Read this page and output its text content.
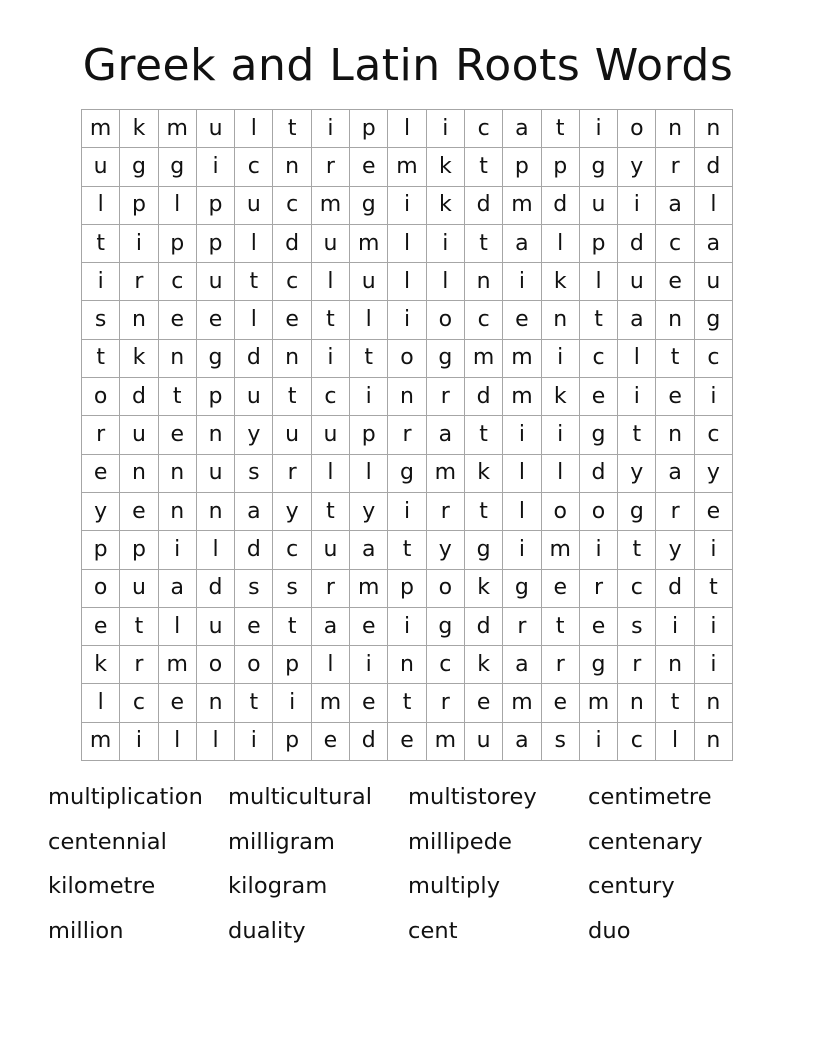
Greek and Latin Roots Words
m k m u	l	t	i	p	l	i	c	a	t	i	o	n	n
u	g	g	i	c	n	r	e m k	t	p	p	g	y	r	d
l	p	l	p	u	c m g	i	k	d m d	u	i	a	l
t	i	p	p	l	d	u m	l	i	t	a	l	p	d	c	a
i	r	c	u	t	c	l	u	l	l	n	i	k	l	u	e	u
s	n	e	e	l	e	t	l	i	o	c	e	n	t	a	n	g
t	k	n	g	d	n	i	t	o	g m m	i	c	l	t	c
o	d	t	p	u	t	c	i	n	r	d m k	e	i	e	i
r	u	e	n	y	u	u	p	r	a	t	i	i	g	t	n	c
e	n	n	u	s	r	l	l	g m k	l	l	d	y	a	y
y	e	n	n	a	y	t	y	i	r	t	l	o	o	g	r	e
p	p	i	l	d	c	u	a	t	y	g	i	m	i	t	y	i
o	u	a	d	s	s	r	m p	o	k	g	e	r	c	d	t
e	t	l	u	e	t	a	e	i	g	d	r	t	e	s	i	i
k	r	m o	o	p	l	i	n	c	k	a	r	g	r	n	i
l	c	e	n	t	i	m e	t	r	e m e m n	t	n
m	i	l	l	i	p	e	d	e m u	a	s	i	c	l	n
multiplication	multicultural	multistorey	centimetre
centennial	milligram	millipede	centenary
kilometre	kilogram	multiply	century
million	duality	cent	duo
